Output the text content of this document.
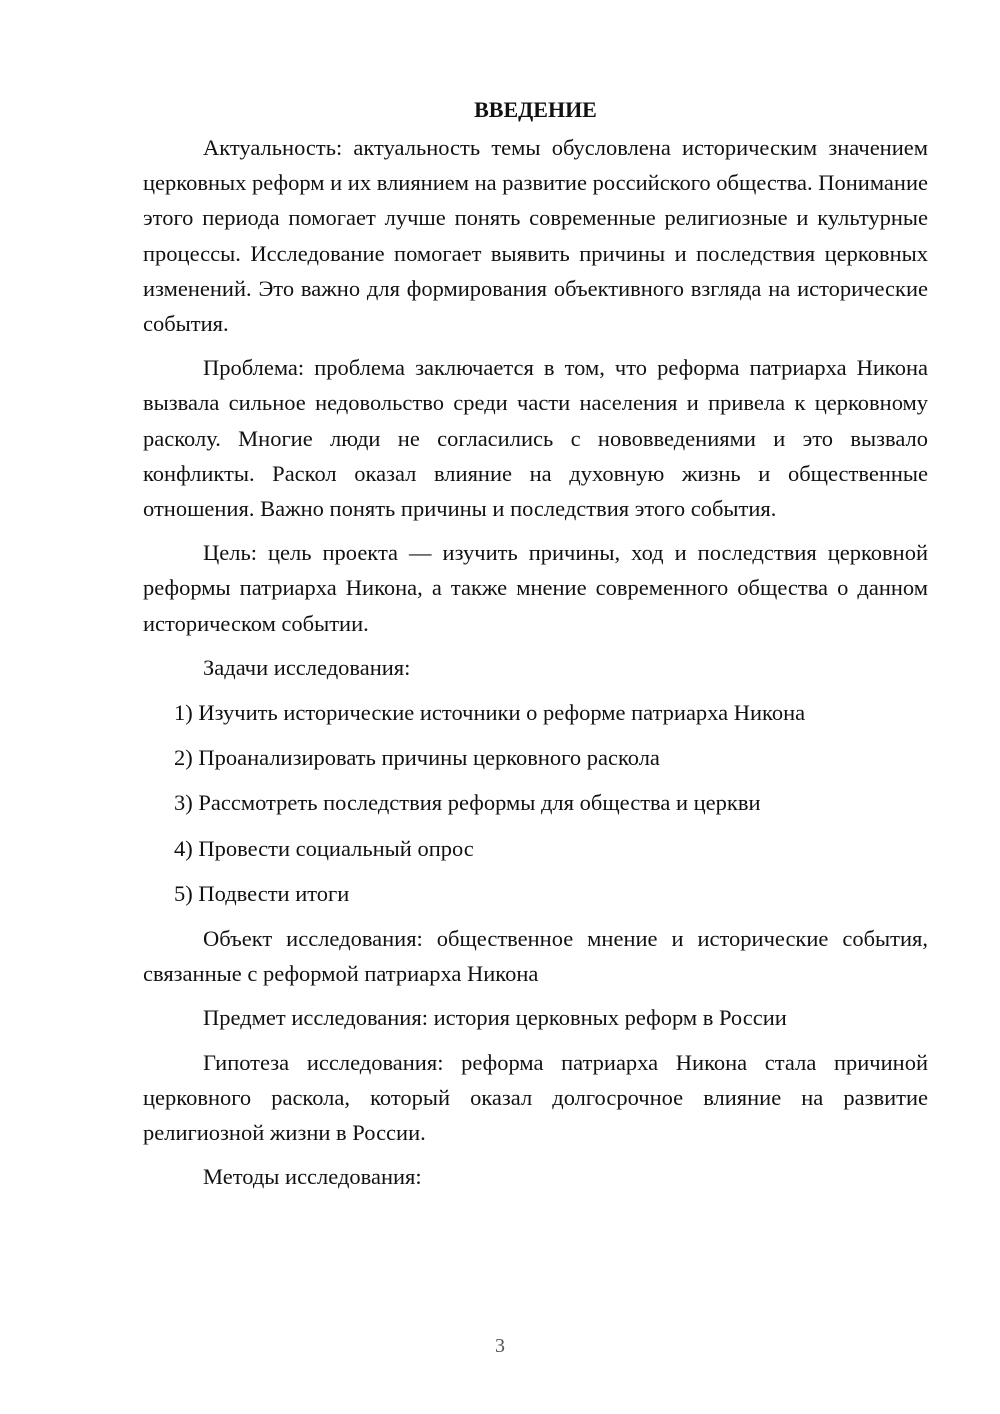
ВВЕДЕНИЕ

Актуальность: актуальность темы обусловлена историческим значением церковных реформ и их влиянием на развитие российского общества. Понимание этого периода помогает лучше понять современные религиозные и культурные процессы. Исследование помогает выявить причины и последствия церковных изменений. Это важно для формирования объективного взгляда на исторические события.

Проблема: проблема заключается в том, что реформа патриарха Никона вызвала сильное недовольство среди части населения и привела к церковному расколу. Многие люди не согласились с нововведениями и это вызвало конфликты. Раскол оказал влияние на духовную жизнь и общественные отношения. Важно понять причины и последствия этого события.

Цель: цель проекта — изучить причины, ход и последствия церковной реформы патриарха Никона, а также мнение современного общества о данном историческом событии.

Задачи исследования:

1) Изучить исторические источники о реформе патриарха Никона
2) Проанализировать причины церковного раскола
3) Рассмотреть последствия реформы для общества и церкви
4) Провести социальный опрос
5) Подвести итоги

Объект исследования: общественное мнение и исторические события, связанные с реформой патриарха Никона

Предмет исследования: история церковных реформ в России

Гипотеза исследования: реформа патриарха Никона стала причиной церковного раскола, который оказал долгосрочное влияние на развитие религиозной жизни в России.

Методы исследования:

3
